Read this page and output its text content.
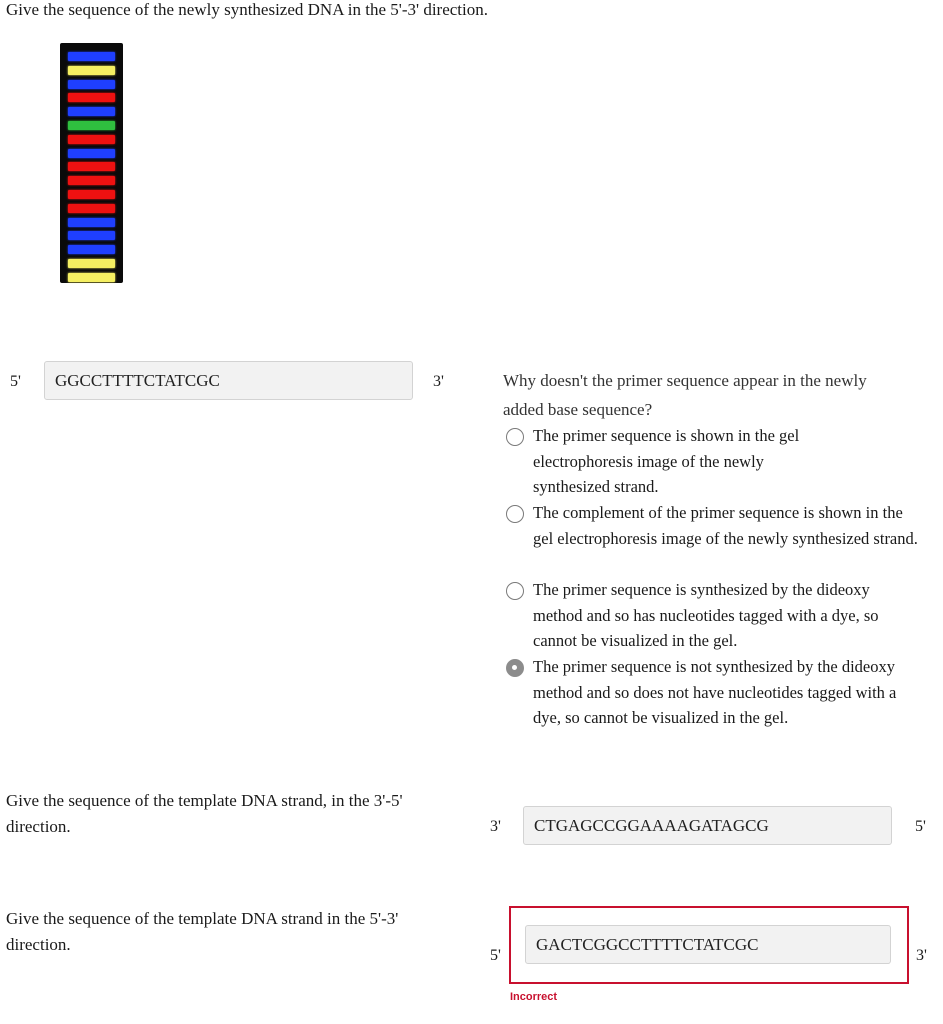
Give the sequence of the newly synthesized DNA in the 5'-3' direction.
5' GGCCTTTTCTATCGC	3'	Why doesn't the primer sequence appear in the newly added base sequence?
The primer sequence is shown in the gel electrophoresis image of the newly synthesized strand.
The complement of the primer sequence is shown in the gel electrophoresis image of the newly synthesized strand.
The primer sequence is synthesized by the dideoxy method and so has nucleotides tagged with a dye, so cannot be visualized in the gel.
The primer sequence is not synthesized by the dideoxy method and so does not have nucleotides tagged with a dye, so cannot be visualized in the gel.
Give the sequence of the template DNA strand, in the 3'-5' direction.	3' CTGAGCCGGAAAAGATAGCG	5'
Give the sequence of the template DNA strand in the 5'-3' direction.
5'
GACTCGGCCTTTTCTATCGC
3'
Incorrect
